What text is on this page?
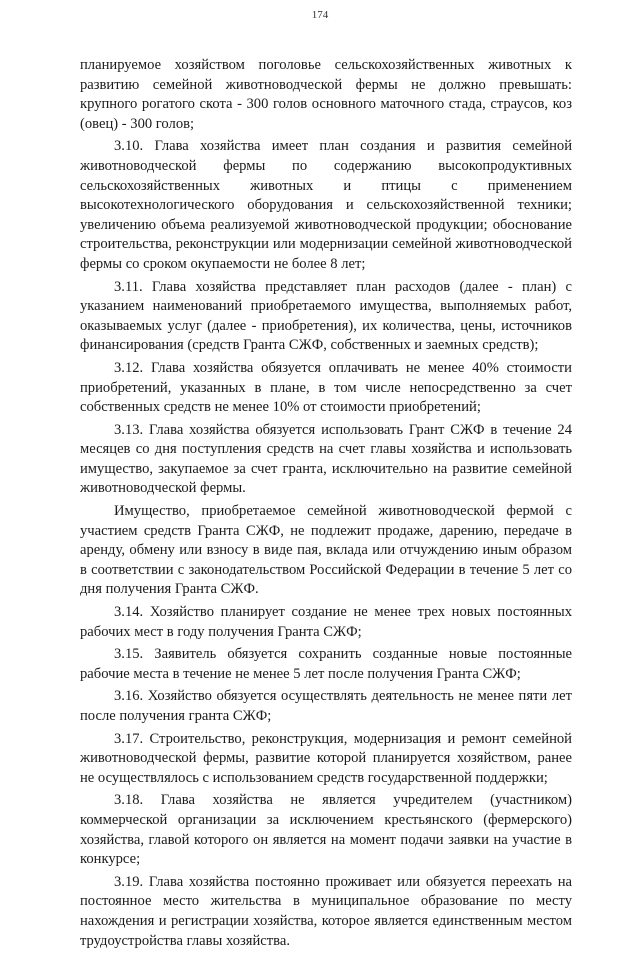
174

планируемое хозяйством поголовье сельскохозяйственных животных к развитию семейной животноводческой фермы не должно превышать: крупного рогатого скота - 300 голов основного маточного стада, страусов, коз (овец) - 300 голов;

3.10. Глава хозяйства имеет план создания и развития семейной животноводческой фермы по содержанию высокопродуктивных сельскохозяйственных животных и птицы с применением высокотехнологического оборудования и сельскохозяйственной техники; увеличению объема реализуемой животноводческой продукции; обоснование строительства, реконструкции или модернизации семейной животноводческой фермы со сроком окупаемости не более 8 лет;

3.11. Глава хозяйства представляет план расходов (далее - план) с указанием наименований приобретаемого имущества, выполняемых работ, оказываемых услуг (далее - приобретения), их количества, цены, источников финансирования (средств Гранта СЖФ, собственных и заемных средств);

3.12. Глава хозяйства обязуется оплачивать не менее 40% стоимости приобретений, указанных в плане, в том числе непосредственно за счет собственных средств не менее 10% от стоимости приобретений;

3.13. Глава хозяйства обязуется использовать Грант СЖФ в течение 24 месяцев со дня поступления средств на счет главы хозяйства и использовать имущество, закупаемое за счет гранта, исключительно на развитие семейной животноводческой фермы.

Имущество, приобретаемое семейной животноводческой фермой с участием средств Гранта СЖФ, не подлежит продаже, дарению, передаче в аренду, обмену или взносу в виде пая, вклада или отчуждению иным образом в соответствии с законодательством Российской Федерации в течение 5 лет со дня получения Гранта СЖФ.

3.14. Хозяйство планирует создание не менее трех новых постоянных рабочих мест в году получения Гранта СЖФ;

3.15. Заявитель обязуется сохранить созданные новые постоянные рабочие места в течение не менее 5 лет после получения Гранта СЖФ;

3.16. Хозяйство обязуется осуществлять деятельность не менее пяти лет после получения гранта СЖФ;

3.17. Строительство, реконструкция, модернизация и ремонт семейной животноводческой фермы, развитие которой планируется хозяйством, ранее не осуществлялось с использованием средств государственной поддержки;

3.18. Глава хозяйства не является учредителем (участником) коммерческой организации за исключением крестьянского (фермерского) хозяйства, главой которого он является на момент подачи заявки на участие в конкурсе;

3.19. Глава хозяйства постоянно проживает или обязуется переехать на постоянное место жительства в муниципальное образование по месту нахождения и регистрации хозяйства, которое является единственным местом трудоустройства главы хозяйства.
